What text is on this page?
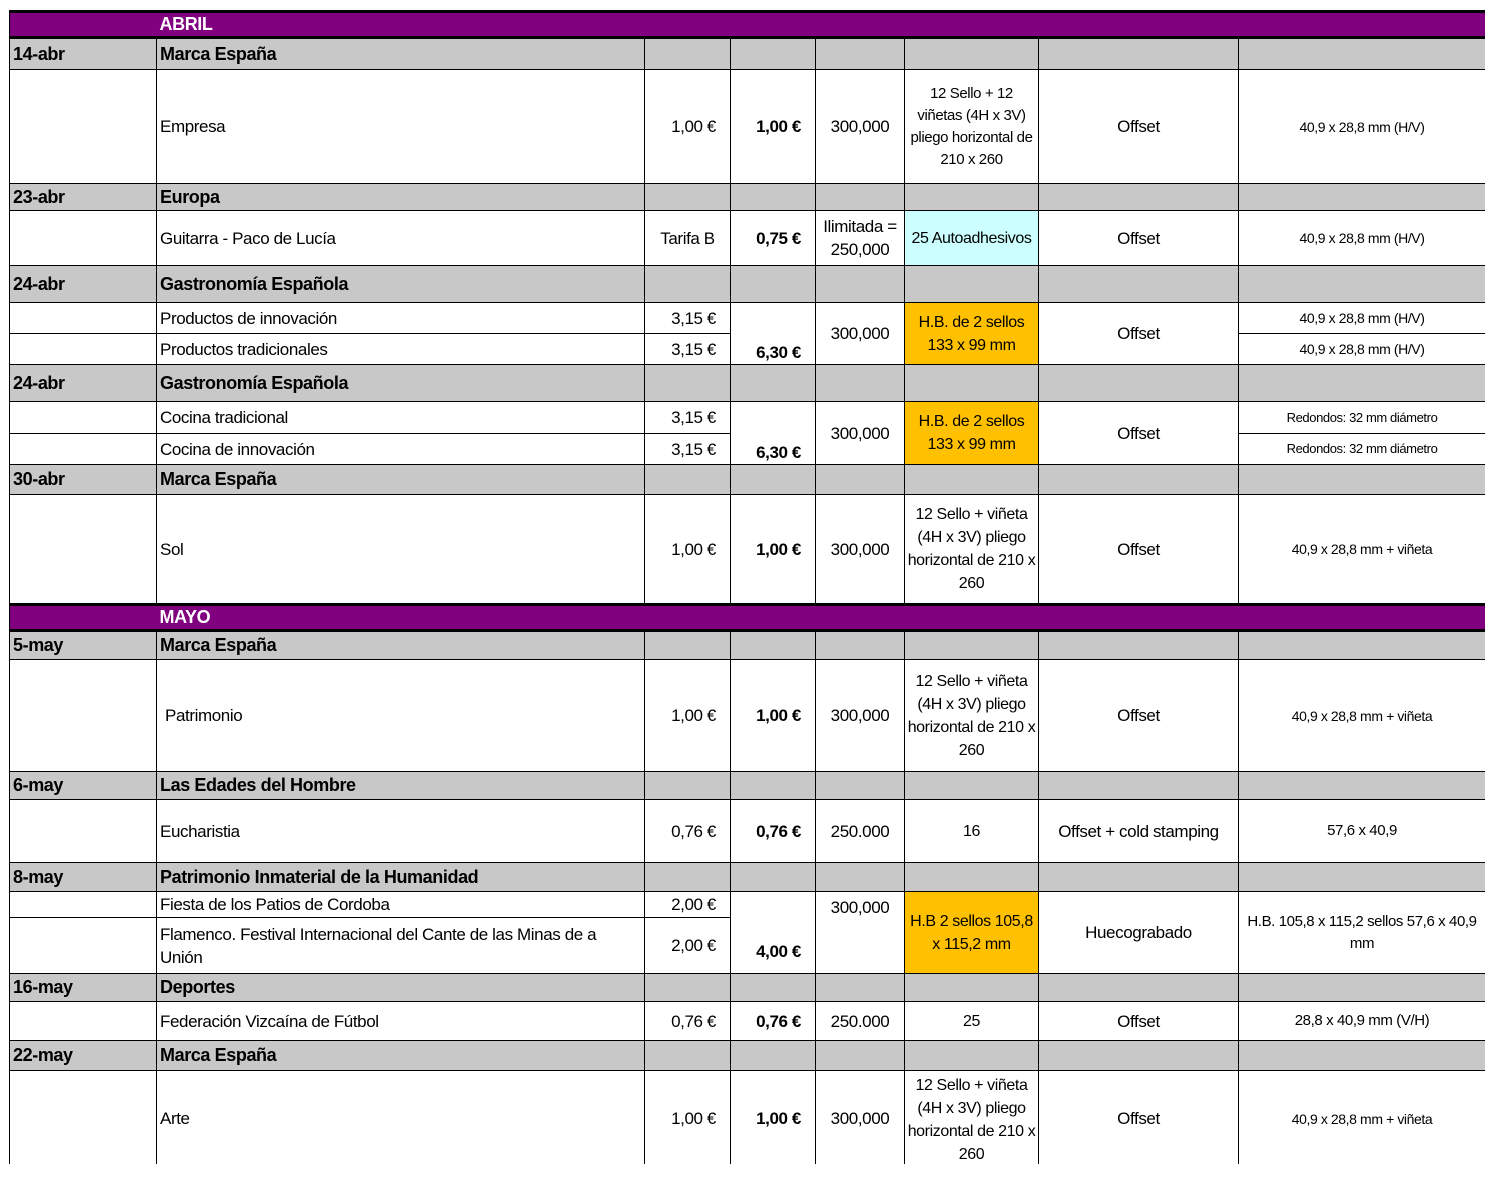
	ABRIL						
14-abr	Marca España						
	Empresa	1,00 €	1,00 €	300,000	12 Sello + 12 viñetas (4H x 3V) pliego horizontal de 210 x 260	Offset	40,9 x 28,8 mm (H/V)
23-abr	Europa						
	Guitarra - Paco de Lucía	Tarifa B	0,75 €	Ilimitada = 250,000	25 Autoadhesivos	Offset	40,9 x 28,8 mm (H/V)
24-abr	Gastronomía Española						
	Productos de innovación	3,15 €	6,30 €	300,000	H.B. de 2 sellos 133 x 99 mm	Offset	40,9 x 28,8 mm (H/V)
	Productos tradicionales	3,15 €					40,9 x 28,8 mm (H/V)
24-abr	Gastronomía Española						
	Cocina tradicional	3,15 €	6,30 €	300,000	H.B. de 2 sellos 133 x 99 mm	Offset	Redondos: 32 mm diámetro
	Cocina de innovación	3,15 €					Redondos: 32 mm diámetro
30-abr	Marca España						
	Sol	1,00 €	1,00 €	300,000	12 Sello + viñeta (4H x 3V) pliego horizontal de 210 x 260	Offset	40,9 x 28,8 mm + viñeta
	MAYO						
5-may	Marca España						
	Patrimonio	1,00 €	1,00 €	300,000	12 Sello + viñeta (4H x 3V) pliego horizontal de 210 x 260	Offset	40,9 x 28,8 mm + viñeta
6-may	Las Edades del Hombre						
	Eucharistia	0,76 €	0,76 €	250.000	16	Offset + cold stamping	57,6 x 40,9
8-may	Patrimonio Inmaterial de la Humanidad						
	Fiesta de los Patios de Cordoba	2,00 €	4,00 €	300,000	H.B 2 sellos 105,8 x 115,2 mm	Huecograbado	H.B. 105,8 x 115,2 sellos 57,6 x 40,9 mm
	Flamenco. Festival Internacional del Cante de las Minas de a Unión	2,00 €					
16-may	Deportes						
	Federación Vizcaína de Fútbol	0,76 €	0,76 €	250.000	25	Offset	28,8 x 40,9 mm (V/H)
22-may	Marca España						
	Arte	1,00 €	1,00 €	300,000	12 Sello + viñeta (4H x 3V) pliego horizontal de 210 x 260	Offset	40,9 x 28,8 mm + viñeta
